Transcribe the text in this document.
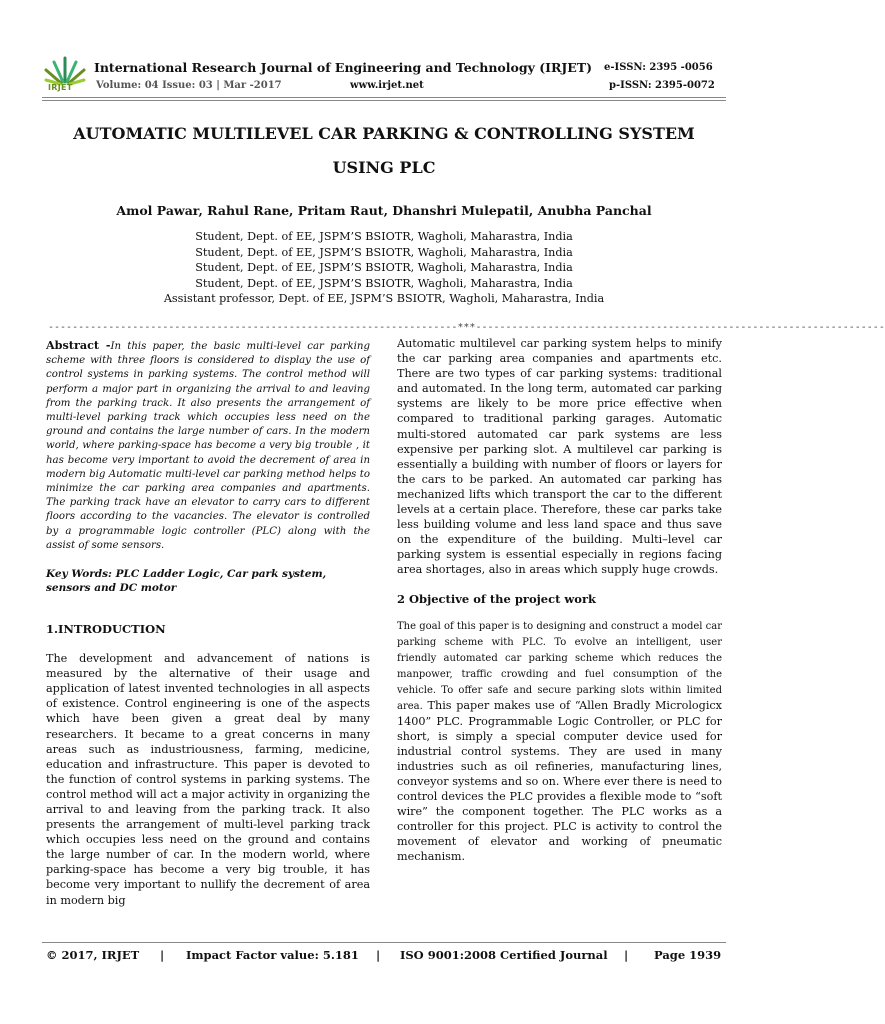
IRJET
International Research Journal of Engineering and Technology (IRJET)
Volume: 04 Issue: 03 | Mar -2017	www.irjet.net
e-ISSN: 2395 -0056
p-ISSN: 2395-0072
AUTOMATIC MULTILEVEL CAR PARKING & CONTROLLING SYSTEM
USING PLC
Amol Pawar, Rahul Rane, Pritam Raut, Dhanshri Mulepatil, Anubha Panchal
Student, Dept. of EE, JSPM’S BSIOTR, Wagholi, Maharastra, India
Student, Dept. of EE, JSPM’S BSIOTR, Wagholi, Maharastra, India
Student, Dept. of EE, JSPM’S BSIOTR, Wagholi, Maharastra, India
Student, Dept. of EE, JSPM’S BSIOTR, Wagholi, Maharastra, India
Assistant professor, Dept. of EE, JSPM’S BSIOTR, Wagholi, Maharastra, India
--------------------------------------------------------------------***--------------------------------------------------------------------

Abstract -In this paper, the basic multi-level car parking scheme with three floors is considered to display the use of control systems in parking systems. The control method will perform a major part in organizing the arrival to and leaving from the parking track. It also presents the arrangement of multi-level parking track which occupies less need on the ground and contains the large number of cars. In the modern world, where parking-space has become a very big trouble , it has become very important to avoid the decrement of area in modern big Automatic multi-level car parking method helps to minimize the car parking area companies and apartments. The parking track have an elevator to carry cars to different floors according to the vacancies. The elevator is controlled by a programmable logic controller (PLC) along with the assist of some sensors.

Key Words: PLC Ladder Logic, Car park system, sensors and DC motor

1.INTRODUCTION

The development and advancement of nations is measured by the alternative of their usage and application of latest invented technologies in all aspects of existence. Control engineering is one of the aspects which have been given a great deal by many researchers. It became to a great concerns in many areas such as industriousness, farming, medicine, education and infrastructure. This paper is devoted to the function of control systems in parking systems. The control method will act a major activity in organizing the arrival to and leaving from the parking track. It also presents the arrangement of multi-level parking track which occupies less need on the ground and contains the large number of car. In the modern world, where parking-space has become a very big trouble, it has become very important to nullify the decrement of area in modern big

Automatic multilevel car parking system helps to minify the car parking area companies and apartments etc. There are two types of car parking systems: traditional and automated. In the long term, automated car parking systems are likely to be more price effective when compared to traditional parking garages. Automatic multi-stored automated car park systems are less expensive per parking slot. A multilevel car parking is essentially a building with number of floors or layers for the cars to be parked. An automated car parking has mechanized lifts which transport the car to the different levels at a certain place. Therefore, these car parks take less building volume and less land space and thus save on the expenditure of the building. Multi–level car parking system is essential especially in regions facing area shortages, also in areas which supply huge crowds.

2 Objective of the project work

The goal of this paper is to designing and construct a model car parking scheme with PLC. To evolve an intelligent, user friendly automated car parking scheme which reduces the manpower, traffic crowding and fuel consumption of the vehicle. To offer safe and secure parking slots within limited area. This paper makes use of “Allen Bradly Micrologicx 1400” PLC. Programmable Logic Controller, or PLC for short, is simply a special computer device used for industrial control systems. They are used in many industries such as oil refineries, manufacturing lines, conveyor systems and so on. Where ever there is need to control devices the PLC provides a flexible mode to “soft wire” the component together. The PLC works as a controller for this project. PLC is activity to control the movement of elevator and working of pneumatic mechanism.

© 2017, IRJET | Impact Factor value: 5.181 | ISO 9001:2008 Certified Journal | Page 1939
